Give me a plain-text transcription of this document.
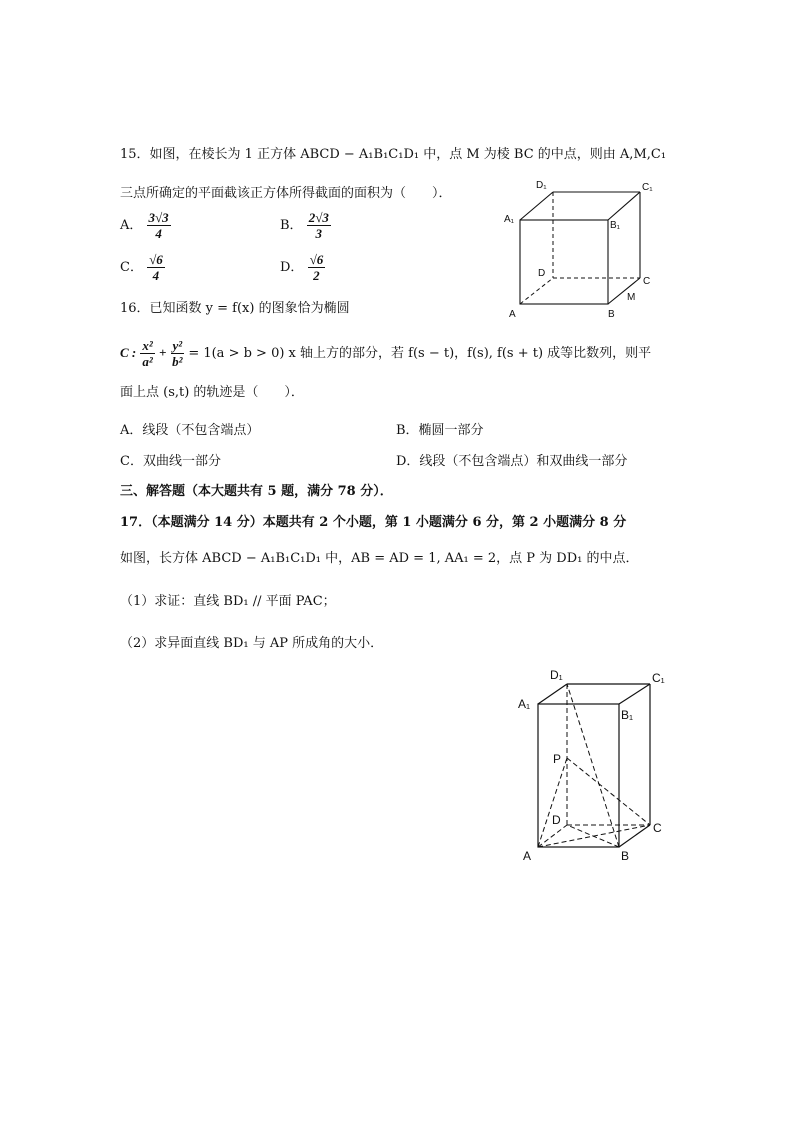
15．如图，在棱长为 1 正方体 ABCD − A₁B₁C₁D₁ 中，点 M 为棱 BC 的中点，则由 A,M,C₁
三点所确定的平面截该正方体所得截面的面积为（　　）．
A． $\frac{3√3}{4}$	B． $\frac{2√3}{3}$
C． $\frac{√6}{4}$	D． $\frac{√6}{2}$
D₁	C₁
A₁
B₁
D
C
M
A	B
16．已知函数 y = f(x) 的图象恰为椭圆
C : $\frac{\text{x²}}{\text{a²}} + \frac{\text{y²}}{\text{b²}} = 1(a > b > 0)$ x 轴上方的部分，若 f(s − t)，f(s), f(s + t) 成等比数列，则平
面上点 (s,t) 的轨迹是（　　）．
A．线段（不包含端点）	B．椭圆一部分
C．双曲线一部分	D．线段（不包含端点）和双曲线一部分
三、解答题（本大题共有 5 题，满分 78 分）．
17．（本题满分 14 分）本题共有 2 个小题，第 1 小题满分 6 分，第 2 小题满分 8 分
如图，长方体 ABCD − A₁B₁C₁D₁ 中，AB = AD = 1, AA₁ = 2，点 P 为 DD₁ 的中点．
（1）求证：直线 BD₁ // 平面 PAC；
（2）求异面直线 BD₁ 与 AP 所成角的大小．
D₁	C₁
A₁
B₁
P
D
C
A	B
